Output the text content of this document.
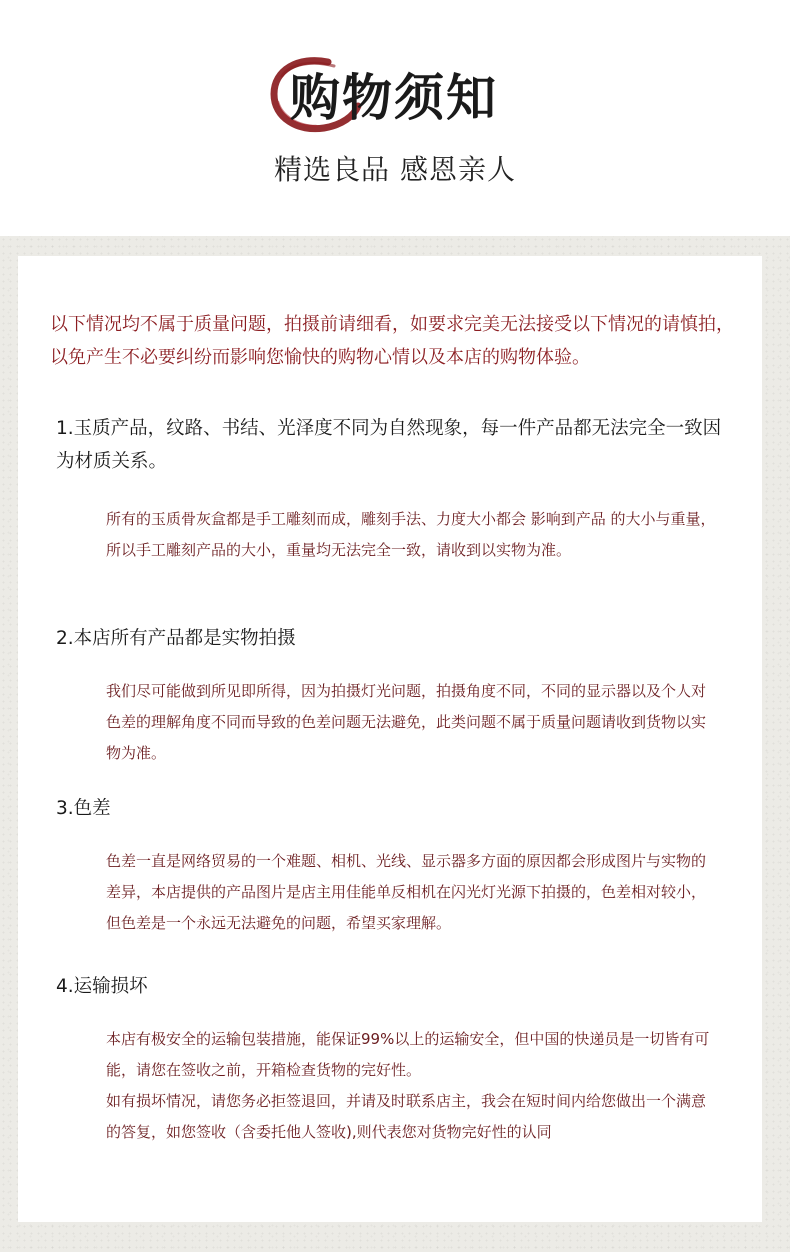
购物须知
精选良品 感恩亲人
以下情况均不属于质量问题，拍摄前请细看，如要求完美无法接受以下情况的请慎拍，以免产生不必要纠纷而影响您愉快的购物心情以及本店的购物体验。
1.玉质产品，纹路、书结、光泽度不同为自然现象，每一件产品都无法完全一致因为材质关系。

所有的玉质骨灰盒都是手工雕刻而成，雕刻手法、力度大小都会 影响到产品 的大小与重量，所以手工雕刻产品的大小，重量均无法完全一致，请收到以实物为准。

2.本店所有产品都是实物拍摄

我们尽可能做到所见即所得，因为拍摄灯光问题，拍摄角度不同，不同的显示器以及个人对色差的理解角度不同而导致的色差问题无法避免，此类问题不属于质量问题请收到货物以实物为准。

3.色差

色差一直是网络贸易的一个难题、相机、光线、显示器多方面的原因都会形成图片与实物的差异，本店提供的产品图片是店主用佳能单反相机在闪光灯光源下拍摄的，色差相对较小，但色差是一个永远无法避免的问题，希望买家理解。

4.运输损坏

本店有极安全的运输包装措施，能保证99%以上的运输安全，但中国的快递员是一切皆有可能，请您在签收之前，开箱检查货物的完好性。

如有损坏情况，请您务必拒签退回，并请及时联系店主，我会在短时间内给您做出一个满意的答复，如您签收（含委托他人签收),则代表您对货物完好性的认同
